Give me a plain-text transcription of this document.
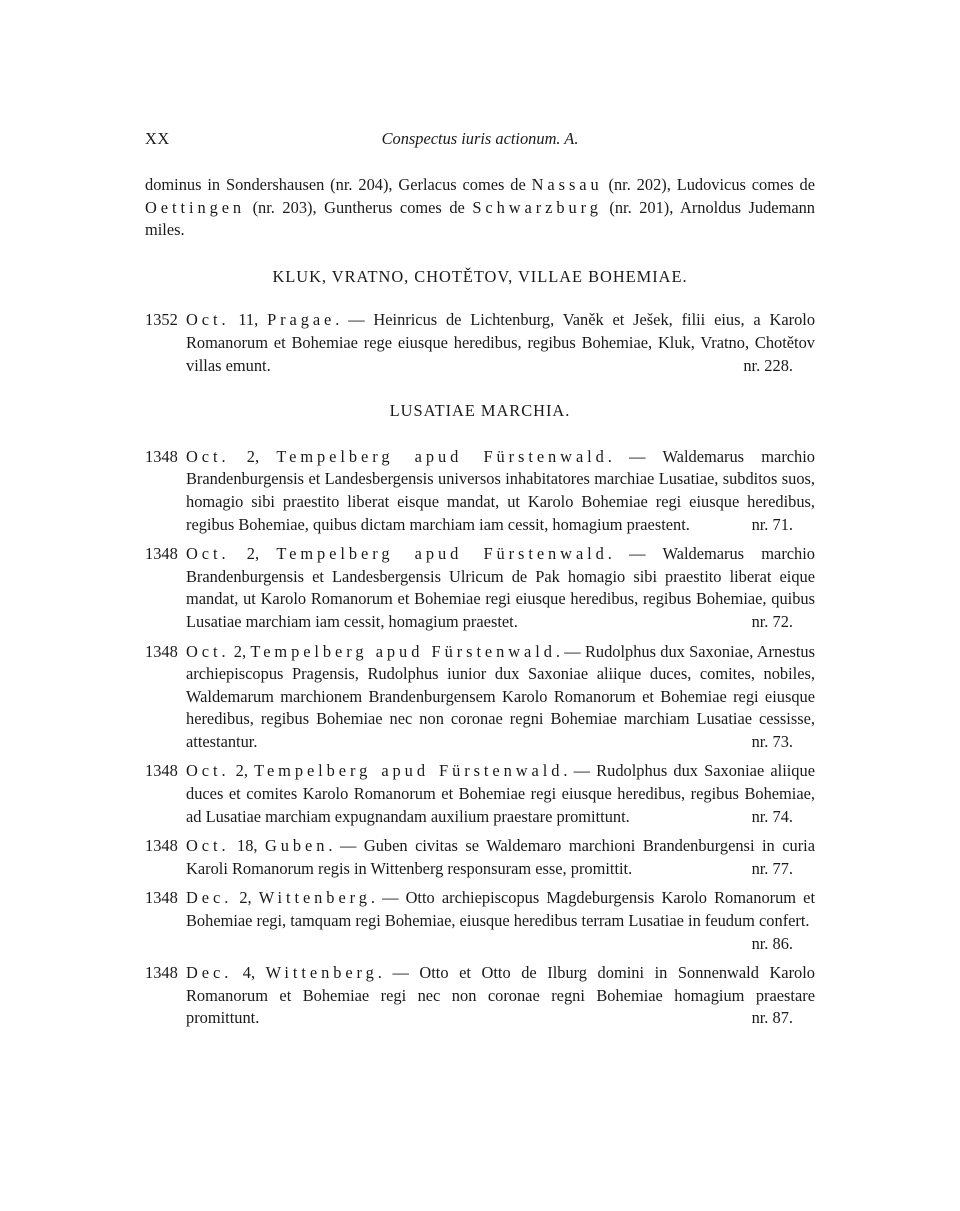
XX	Conspectus iuris actionum. A.

dominus in Sondershausen (nr. 204), Gerlacus comes de Nassau (nr. 202), Ludovicus comes de Oettingen (nr. 203), Guntherus comes de Schwarzburg (nr. 201), Arnoldus Judemann miles.

KLUK, VRATNO, CHOTĚTOV, VILLAE BOHEMIAE.

1352 Oct. 11, Pragae. — Heinricus de Lichtenburg, Vaněk et Ješek, filii eius, a Karolo Romanorum et Bohemiae rege eiusque heredibus, regibus Bohemiae, Kluk, Vratno, Chotětov villas emunt.	nr. 228.

LUSATIAE MARCHIA.

1348 Oct. 2, Tempelberg apud Fürstenwald. — Waldemarus marchio Brandenburgensis et Landesbergensis universos inhabitatores marchiae Lusatiae, subditos suos, homagio sibi praestito liberat eisque mandat, ut Karolo Bohemiae regi eiusque heredibus, regibus Bohemiae, quibus dictam marchiam iam cessit, homagium praestent.	nr. 71.

1348 Oct. 2, Tempelberg apud Fürstenwald. — Waldemarus marchio Brandenburgensis et Landesbergensis Ulricum de Pak homagio sibi praestito liberat eique mandat, ut Karolo Romanorum et Bohemiae regi eiusque heredibus, regibus Bohemiae, quibus Lusatiae marchiam iam cessit, homagium praestet.	nr. 72.

1348 Oct. 2, Tempelberg apud Fürstenwald. — Rudolphus dux Saxoniae, Arnestus archiepiscopus Pragensis, Rudolphus iunior dux Saxoniae aliique duces, comites, nobiles, Waldemarum marchionem Brandenburgensem Karolo Romanorum et Bohemiae regi eiusque heredibus, regibus Bohemiae nec non coronae regni Bohemiae marchiam Lusatiae cessisse, attestantur.	nr. 73.

1348 Oct. 2, Tempelberg apud Fürstenwald. — Rudolphus dux Saxoniae aliique duces et comites Karolo Romanorum et Bohemiae regi eiusque heredibus, regibus Bohemiae, ad Lusatiae marchiam expugnandam auxilium praestare promittunt.	nr. 74.

1348 Oct. 18, Guben. — Guben civitas se Waldemaro marchioni Brandenburgensi in curia Karoli Romanorum regis in Wittenberg responsuram esse, promittit.	nr. 77.

1348 Dec. 2, Wittenberg. — Otto archiepiscopus Magdeburgensis Karolo Romanorum et Bohemiae regi, tamquam regi Bohemiae, eiusque heredibus terram Lusatiae in feudum confert.
nr. 86.

1348 Dec. 4, Wittenberg. — Otto et Otto de Ilburg domini in Sonnenwald Karolo Romanorum et Bohemiae regi nec non coronae regni Bohemiae homagium praestare promittunt.	nr. 87.
